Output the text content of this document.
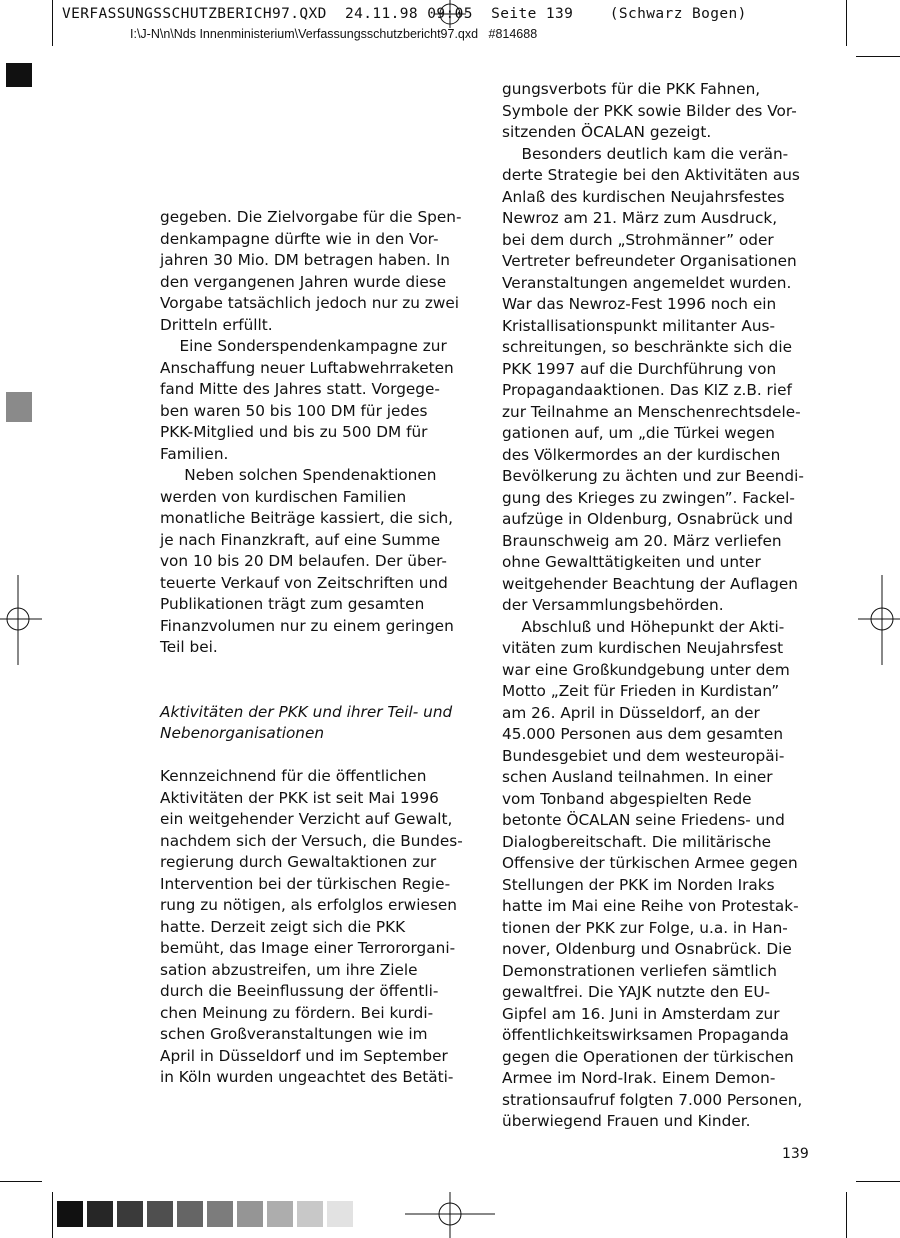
VERFASSUNGSSCHUTZBERICH97.QXD  24.11.98 09:05  Seite 139    (Schwarz Bogen)
I:\J-N\n\Nds Innenministerium\Verfassungsschutzbericht97.qxd   #814688
gegeben. Die Zielvorgabe für die Spen-
denkampagne dürfte wie in den Vor-
jahren 30 Mio. DM betragen haben. In
den vergangenen Jahren wurde diese
Vorgabe tatsächlich jedoch nur zu zwei
Dritteln erfüllt.
Eine Sonderspendenkampagne zur
Anschaffung neuer Luftabwehrraketen
fand Mitte des Jahres statt. Vorgege-
ben waren 50 bis 100 DM für jedes
PKK-Mitglied und bis zu 500 DM für
Familien.
Neben solchen Spendenaktionen
werden von kurdischen Familien
monatliche Beiträge kassiert, die sich,
je nach Finanzkraft, auf eine Summe
von 10 bis 20 DM belaufen. Der über-
teuerte Verkauf von Zeitschriften und
Publikationen trägt zum gesamten
Finanzvolumen nur zu einem geringen
Teil bei.
Aktivitäten der PKK und ihrer Teil- und
Nebenorganisationen
Kennzeichnend für die öffentlichen
Aktivitäten der PKK ist seit Mai 1996
ein weitgehender Verzicht auf Gewalt,
nachdem sich der Versuch, die Bundes-
regierung durch Gewaltaktionen zur
Intervention bei der türkischen Regie-
rung zu nötigen, als erfolglos erwiesen
hatte. Derzeit zeigt sich die PKK
bemüht, das Image einer Terrororgani-
sation abzustreifen, um ihre Ziele
durch die Beeinflussung der öffentli-
chen Meinung zu fördern. Bei kurdi-
schen Großveranstaltungen wie im
April in Düsseldorf und im September
in Köln wurden ungeachtet des Betäti-
gungsverbots für die PKK Fahnen,
Symbole der PKK sowie Bilder des Vor-
sitzenden ÖCALAN gezeigt.
Besonders deutlich kam die verän-
derte Strategie bei den Aktivitäten aus
Anlaß des kurdischen Neujahrsfestes
Newroz am 21. März zum Ausdruck,
bei dem durch „Strohmänner” oder
Vertreter befreundeter Organisationen
Veranstaltungen angemeldet wurden.
War das Newroz-Fest 1996 noch ein
Kristallisationspunkt militanter Aus-
schreitungen, so beschränkte sich die
PKK 1997 auf die Durchführung von
Propagandaaktionen. Das KIZ z.B. rief
zur Teilnahme an Menschenrechtsdele-
gationen auf, um „die Türkei wegen
des Völkermordes an der kurdischen
Bevölkerung zu ächten und zur Beendi-
gung des Krieges zu zwingen”. Fackel-
aufzüge in Oldenburg, Osnabrück und
Braunschweig am 20. März verliefen
ohne Gewalttätigkeiten und unter
weitgehender Beachtung der Auflagen
der Versammlungsbehörden.
Abschluß und Höhepunkt der Akti-
vitäten zum kurdischen Neujahrsfest
war eine Großkundgebung unter dem
Motto „Zeit für Frieden in Kurdistan”
am 26. April in Düsseldorf, an der
45.000 Personen aus dem gesamten
Bundesgebiet und dem westeuropäi-
schen Ausland teilnahmen. In einer
vom Tonband abgespielten Rede
betonte ÖCALAN seine Friedens- und
Dialogbereitschaft. Die militärische
Offensive der türkischen Armee gegen
Stellungen der PKK im Norden Iraks
hatte im Mai eine Reihe von Protestak-
tionen der PKK zur Folge, u.a. in Han-
nover, Oldenburg und Osnabrück. Die
Demonstrationen verliefen sämtlich
gewaltfrei. Die YAJK nutzte den EU-
Gipfel am 16. Juni in Amsterdam zur
öffentlichkeitswirksamen Propaganda
gegen die Operationen der türkischen
Armee im Nord-Irak. Einem Demon-
strationsaufruf folgten 7.000 Personen,
überwiegend Frauen und Kinder.
139
